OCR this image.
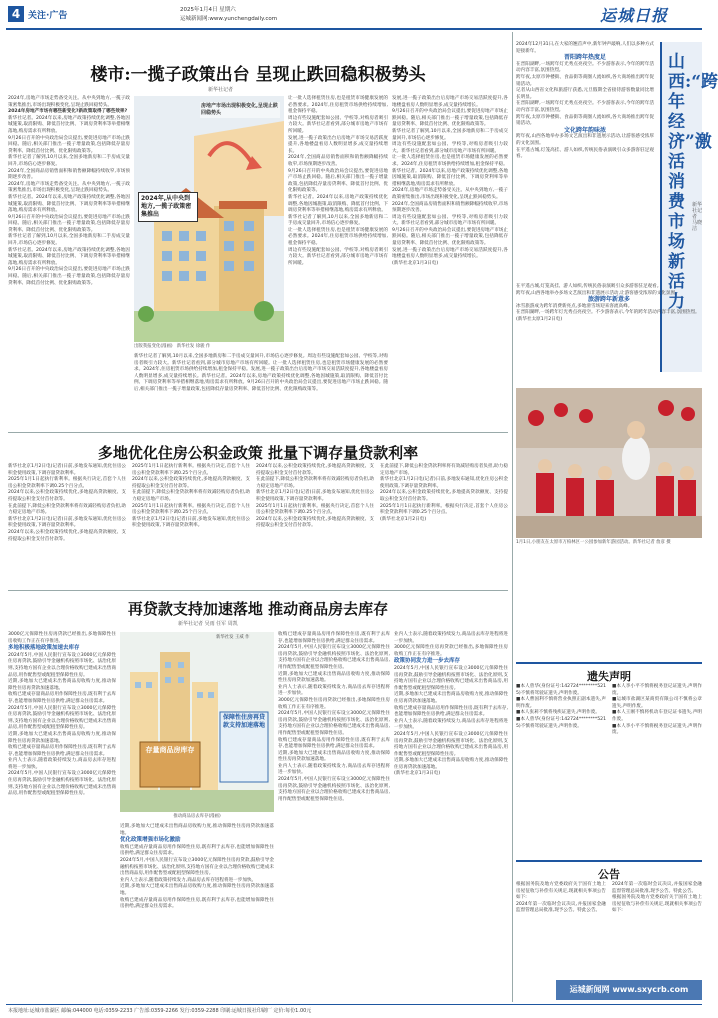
4 关注·广告
2025年1月4日 星期六
运城新闻网:www.yunchengdaily.com	运城日报
楼市:一揽子政策出台 呈现止跌回稳积极势头
新华社记者
2024年,房地产市场走势备受关注。从中央到地方,一揽子政策密集推出,市场出现积极变化,呈现止跌回稳势头。
2024年房地产市场有哪些新变化?新政策取得了哪些效果?
新华社记者。2024年以来,房地产政策持续优化调整,各地因城施策,取消限购、降低首付比例、下调房贷利率等举措相继落地,购房需求有所释放。
9月26日召开的中央政治局会议提出,要促进房地产市场止跌回稳。随后,相关部门推出一揽子增量政策,包括降低存量房贷利率、降低首付比例、优化限购政策等。
新华社记者了解到,10月以来,全国多地新房和二手房成交量回升,市场信心逐步修复。
2024年,全国商品房销售面积和销售额降幅持续收窄,市场预期逐步改善。
2024年,房地产市场走势备受关注。从中央到地方,一揽子政策密集推出,市场出现积极变化,呈现止跌回稳势头。
新华社记者。2024年以来,房地产政策持续优化调整,各地因城施策,取消限购、降低首付比例、下调房贷利率等举措相继落地,购房需求有所释放。
9月26日召开的中央政治局会议提出,要促进房地产市场止跌回稳。随后,相关部门推出一揽子增量政策,包括降低存量房贷利率、降低首付比例、优化限购政策等。
新华社记者了解到,10月以来,全国多地新房和二手房成交量回升,市场信心逐步修复。
新华社记者。2024年以来,房地产政策持续优化调整,各地因城施策,取消限购、降低首付比例、下调房贷利率等举措相继落地,购房需求有所释放。
9月26日召开的中央政治局会议提出,要促进房地产市场止跌回稳。随后,相关部门推出一揽子增量政策,包括降低存量房贷利率、降低首付比例、优化限购政策等。
2024年,从中央到地方,一揽子政策密集推出
房地产市场出现积极变化,呈现止跌回稳势头
出版我报变化(漫画) 新华社发 徐骏 作
让一批人选择租赁住房,也是租赁市场健康发展的必然要求。2024年,住房租赁市场供给持续增加,租金保持平稳。
周边有些设施配套如公园、学校等,对购房者吸引力较大。新华社记者看到,部分城市房地产市场有所回暖。
发展,进一揽子政策出台后房地产市场交易活跃度提升,各地楼盘看房人数明显增多,成交量持续增长。
2024年,全国商品房销售面积和销售额降幅持续收窄,市场预期逐步改善。
9月26日召开的中央政治局会议提出,要促进房地产市场止跌回稳。随后,相关部门推出一揽子增量政策,包括降低存量房贷利率、降低首付比例、优化限购政策等。
新华社记者。2024年以来,房地产政策持续优化调整,各地因城施策,取消限购、降低首付比例、下调房贷利率等举措相继落地,购房需求有所释放。
新华社记者了解到,10月以来,全国多地新房和二手房成交量回升,市场信心逐步修复。
让一批人选择租赁住房,也是租赁市场健康发展的必然要求。2024年,住房租赁市场供给持续增加,租金保持平稳。
周边有些设施配套如公园、学校等,对购房者吸引力较大。新华社记者看到,部分城市房地产市场有所回暖。
发展,进一揽子政策出台后房地产市场交易活跃度提升,各地楼盘看房人数明显增多,成交量持续增长。
9月26日召开的中央政治局会议提出,要促进房地产市场止跌回稳。随后,相关部门推出一揽子增量政策,包括降低存量房贷利率、降低首付比例、优化限购政策等。
新华社记者了解到,10月以来,全国多地新房和二手房成交量回升,市场信心逐步修复。
周边有些设施配套如公园、学校等,对购房者吸引力较大。新华社记者看到,部分城市房地产市场有所回暖。
让一批人选择租赁住房,也是租赁市场健康发展的必然要求。2024年,住房租赁市场供给持续增加,租金保持平稳。
新华社记者。2024年以来,房地产政策持续优化调整,各地因城施策,取消限购、降低首付比例、下调房贷利率等举措相继落地,购房需求有所释放。
2024年,房地产市场走势备受关注。从中央到地方,一揽子政策密集推出,市场出现积极变化,呈现止跌回稳势头。
2024年,全国商品房销售面积和销售额降幅持续收窄,市场预期逐步改善。
周边有些设施配套如公园、学校等,对购房者吸引力较大。新华社记者看到,部分城市房地产市场有所回暖。
9月26日召开的中央政治局会议提出,要促进房地产市场止跌回稳。随后,相关部门推出一揽子增量政策,包括降低存量房贷利率、降低首付比例、优化限购政策等。
发展,进一揽子政策出台后房地产市场交易活跃度提升,各地楼盘看房人数明显增多,成交量持续增长。
(新华社北京1月3日电)
新华社记者了解到,10月以来,全国多地新房和二手房成交量回升,市场信心逐步修复。周边有些设施配套如公园、学校等,对购房者吸引力较大。新华社记者看到,部分城市房地产市场有所回暖。让一批人选择租赁住房,也是租赁市场健康发展的必然要求。2024年,住房租赁市场供给持续增加,租金保持平稳。发展,进一揽子政策出台后房地产市场交易活跃度提升,各地楼盘看房人数明显增多,成交量持续增长。新华社记者。2024年以来,房地产政策持续优化调整,各地因城施策,取消限购、降低首付比例、下调房贷利率等举措相继落地,购房需求有所释放。9月26日召开的中央政治局会议提出,要促进房地产市场止跌回稳。随后,相关部门推出一揽子增量政策,包括降低存量房贷利率、降低首付比例、优化限购政策等。
多地优化住房公积金政策 批量下调存量贷款利率
新华社北京1月2日电(记者)日前,多地发布通知,优化住房公积金使用政策,下调存量贷款利率。
2025年1月1日起执行新利率。根据央行决定,首套个人住房公积金贷款利率下调0.25个百分点。
2024年以来,公积金政策持续优化,多地提高贷款额度、支持提取公积金支付首付款等。
在此前提下,降低公积金贷款利率将有效减轻购房者负担,助力稳定房地产市场。
新华社北京1月2日电(记者)日前,多地发布通知,优化住房公积金使用政策,下调存量贷款利率。
2024年以来,公积金政策持续优化,多地提高贷款额度、支持提取公积金支付首付款等。
2025年1月1日起执行新利率。根据央行决定,首套个人住房公积金贷款利率下调0.25个百分点。
2024年以来,公积金政策持续优化,多地提高贷款额度、支持提取公积金支付首付款等。
在此前提下,降低公积金贷款利率将有效减轻购房者负担,助力稳定房地产市场。
2025年1月1日起执行新利率。根据央行决定,首套个人住房公积金贷款利率下调0.25个百分点。
新华社北京1月2日电(记者)日前,多地发布通知,优化住房公积金使用政策,下调存量贷款利率。
2024年以来,公积金政策持续优化,多地提高贷款额度、支持提取公积金支付首付款等。
在此前提下,降低公积金贷款利率将有效减轻购房者负担,助力稳定房地产市场。
新华社北京1月2日电(记者)日前,多地发布通知,优化住房公积金使用政策,下调存量贷款利率。
2025年1月1日起执行新利率。根据央行决定,首套个人住房公积金贷款利率下调0.25个百分点。
2024年以来,公积金政策持续优化,多地提高贷款额度、支持提取公积金支付首付款等。
在此前提下,降低公积金贷款利率将有效减轻购房者负担,助力稳定房地产市场。
新华社北京1月2日电(记者)日前,多地发布通知,优化住房公积金使用政策,下调存量贷款利率。
2024年以来,公积金政策持续优化,多地提高贷款额度、支持提取公积金支付首付款等。
2025年1月1日起执行新利率。根据央行决定,首套个人住房公积金贷款利率下调0.25个百分点。
(新华社北京1月2日电)
再贷款支持加速落地 推动商品房去库存
新华社记者 吴雨 任军 周凯
3000亿元保障性住房再贷款已经推出,多地保障性住房收购工作正在有序推进。
多地积极落地政策加速去库存
2024年5月,中国人民银行宣布设立3000亿元保障性住房再贷款,鼓励引导金融机构按照市场化、法治化原则,支持地方国有企业以合理价格收购已建成未出售商品房,用作配售型或配租型保障性住房。
近期,多地加大已建成未出售商品房收购力度,推动保障性住房再贷款加速落地。
收购已建成存量商品房用作保障性住房,既有利于去库存,也能增加保障性住房供给,满足群众住房需求。
2024年5月,中国人民银行宣布设立3000亿元保障性住房再贷款,鼓励引导金融机构按照市场化、法治化原则,支持地方国有企业以合理价格收购已建成未出售商品房,用作配售型或配租型保障性住房。
近期,多地加大已建成未出售商品房收购力度,推动保障性住房再贷款加速落地。
收购已建成存量商品房用作保障性住房,既有利于去库存,也能增加保障性住房供给,满足群众住房需求。
业内人士表示,随着政策持续发力,商品房去库存进程将进一步加快。
2024年5月,中国人民银行宣布设立3000亿元保障性住房再贷款,鼓励引导金融机构按照市场化、法治化原则,支持地方国有企业以合理价格收购已建成未出售商品房,用作配售型或配租型保障性住房。
保障性住房再贷款支持加速落地
存量商品房库存
新华社发 王威 作
推动商品房去库存(漫画)
近期,多地加大已建成未出售商品房收购力度,推动保障性住房再贷款加速落地。
优化政策增强市场化激励
收购已建成存量商品房用作保障性住房,既有利于去库存,也能增加保障性住房供给,满足群众住房需求。
2024年5月,中国人民银行宣布设立3000亿元保障性住房再贷款,鼓励引导金融机构按照市场化、法治化原则,支持地方国有企业以合理价格收购已建成未出售商品房,用作配售型或配租型保障性住房。
业内人士表示,随着政策持续发力,商品房去库存进程将进一步加快。
近期,多地加大已建成未出售商品房收购力度,推动保障性住房再贷款加速落地。
收购已建成存量商品房用作保障性住房,既有利于去库存,也能增加保障性住房供给,满足群众住房需求。
收购已建成存量商品房用作保障性住房,既有利于去库存,也能增加保障性住房供给,满足群众住房需求。
2024年5月,中国人民银行宣布设立3000亿元保障性住房再贷款,鼓励引导金融机构按照市场化、法治化原则,支持地方国有企业以合理价格收购已建成未出售商品房,用作配售型或配租型保障性住房。
近期,多地加大已建成未出售商品房收购力度,推动保障性住房再贷款加速落地。
业内人士表示,随着政策持续发力,商品房去库存进程将进一步加快。
3000亿元保障性住房再贷款已经推出,多地保障性住房收购工作正在有序推进。
2024年5月,中国人民银行宣布设立3000亿元保障性住房再贷款,鼓励引导金融机构按照市场化、法治化原则,支持地方国有企业以合理价格收购已建成未出售商品房,用作配售型或配租型保障性住房。
收购已建成存量商品房用作保障性住房,既有利于去库存,也能增加保障性住房供给,满足群众住房需求。
近期,多地加大已建成未出售商品房收购力度,推动保障性住房再贷款加速落地。
业内人士表示,随着政策持续发力,商品房去库存进程将进一步加快。
2024年5月,中国人民银行宣布设立3000亿元保障性住房再贷款,鼓励引导金融机构按照市场化、法治化原则,支持地方国有企业以合理价格收购已建成未出售商品房,用作配售型或配租型保障性住房。
业内人士表示,随着政策持续发力,商品房去库存进程将进一步加快。
3000亿元保障性住房再贷款已经推出,多地保障性住房收购工作正在有序推进。
政策协同发力进一步去库存
2024年5月,中国人民银行宣布设立3000亿元保障性住房再贷款,鼓励引导金融机构按照市场化、法治化原则,支持地方国有企业以合理价格收购已建成未出售商品房,用作配售型或配租型保障性住房。
近期,多地加大已建成未出售商品房收购力度,推动保障性住房再贷款加速落地。
收购已建成存量商品房用作保障性住房,既有利于去库存,也能增加保障性住房供给,满足群众住房需求。
业内人士表示,随着政策持续发力,商品房去库存进程将进一步加快。
2024年5月,中国人民银行宣布设立3000亿元保障性住房再贷款,鼓励引导金融机构按照市场化、法治化原则,支持地方国有企业以合理价格收购已建成未出售商品房,用作配售型或配租型保障性住房。
近期,多地加大已建成未出售商品房收购力度,推动保障性住房再贷款加速落地。
(新华社北京1月3日电)
2024年12月31日,在大家的翘首声中,新年钟声敲响,人们以多种方式迎接新年。

晋阳跨年热度足
在晋阳湖畔,一场跨年灯光秀点亮夜空。不少游客表示,今年的跨年活动内容丰富,氛围热烈。
跨年夜,太原市钟楼街、食品街等商圈人流如织,各大商场推出跨年促销活动。
记者从山西省文化和旅游厅获悉,元旦假期全省接待游客数量同比增长明显。
在晋阳湖畔,一场跨年灯光秀点亮夜空。不少游客表示,今年的跨年活动内容丰富,氛围热烈。
跨年夜,太原市钟楼街、食品街等商圈人流如织,各大商场推出跨年促销活动。

文化跨年韵味浓
跨年夜,山西各地举办多场文艺演出和非遗展示活动,让游客感受浓厚的文化氛围。
在平遥古城,灯笼高挂、游人如织,传统民俗表演吸引众多游客驻足观看。
山西:“跨年经济”激活消费市场新活力
新华社记者 马晓洁
在平遥古城,灯笼高挂、游人如织,传统民俗表演吸引众多游客驻足观看。
跨年夜,山西各地举办多场文艺演出和非遗展示活动,让游客感受浓厚的文化氛围。

旅游跨年新意多
冰雪旅游成为跨年消费新亮点,多地滑雪场迎来客流高峰。
在晋阳湖畔,一场跨年灯光秀点亮夜空。不少游客表示,今年的跨年活动内容丰富,氛围热烈。
(新华社太原1月2日电)
1月1日,小朋友在太原市万柏林区一公园参加新年游园活动。新华社记者 詹彦 摄
遗失声明
■本人曾华(身份证号:142724********5215)不慎将驾驶证遗失,声明作废。
■本人曹国利不慎将营业执照正副本遗失,声明作废。
■本人张莉不慎将残疾证遗失,声明作废。
■本人曾华(身份证号:142724********5215)不慎将驾驶证遗失,声明作废。
■本人李小平不慎将税务登记证遗失,声明作废。
■运城市盐湖区某商贸有限公司不慎将公章遗失,声明作废。
■本人王刚不慎将机动车登记证书遗失,声明作废。
■本人李小平不慎将税务登记证遗失,声明作废。
公告
根据国务院及地方党委政府关于国有土地上房屋征收与补偿有关规定,现就相关事项公告如下:
2024年第一次临时会议决议,并报国家金融监督管理总局批准,现予公告。特此公告。
2024年第一次临时会议决议,并报国家金融监督管理总局批准,现予公告。特此公告。
根据国务院及地方党委政府关于国有土地上房屋征收与补偿有关规定,现就相关事项公告如下:
运城新闻网 www.sxycrb.com
本报地址:运城市盐湖区 邮编:044000 电话:0359-2233 广告部:0359-2266 发行:0359-2288 印刷:运城日报社印刷厂 定价:每份1.00元
